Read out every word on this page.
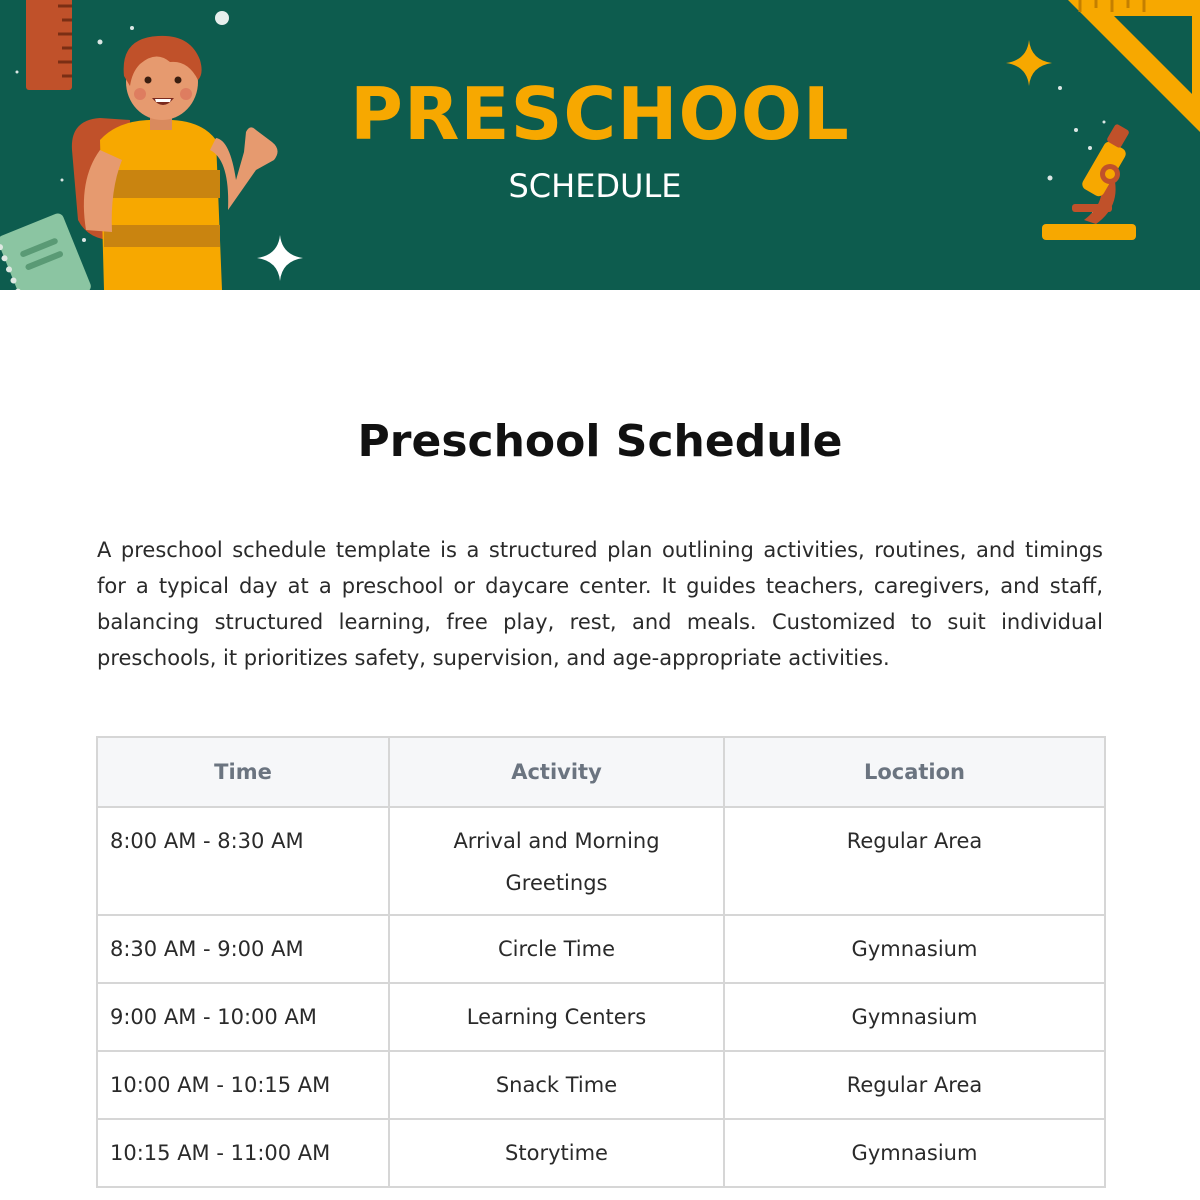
PRESCHOOL
SCHEDULE
Preschool Schedule

A preschool schedule template is a structured plan outlining activities, routines, and timings for a typical day at a preschool or daycare center. It guides teachers, caregivers, and staff, balancing structured learning, free play, rest, and meals. Customized to suit individual preschools, it prioritizes safety, supervision, and age-appropriate activities.

Time	Activity	Location
8:00 AM - 8:30 AM	Arrival and Morning Greetings	Regular Area
8:30 AM - 9:00 AM	Circle Time	Gymnasium
9:00 AM - 10:00 AM	Learning Centers	Gymnasium
10:00 AM - 10:15 AM	Snack Time	Regular Area
10:15 AM - 11:00 AM	Storytime	Gymnasium
